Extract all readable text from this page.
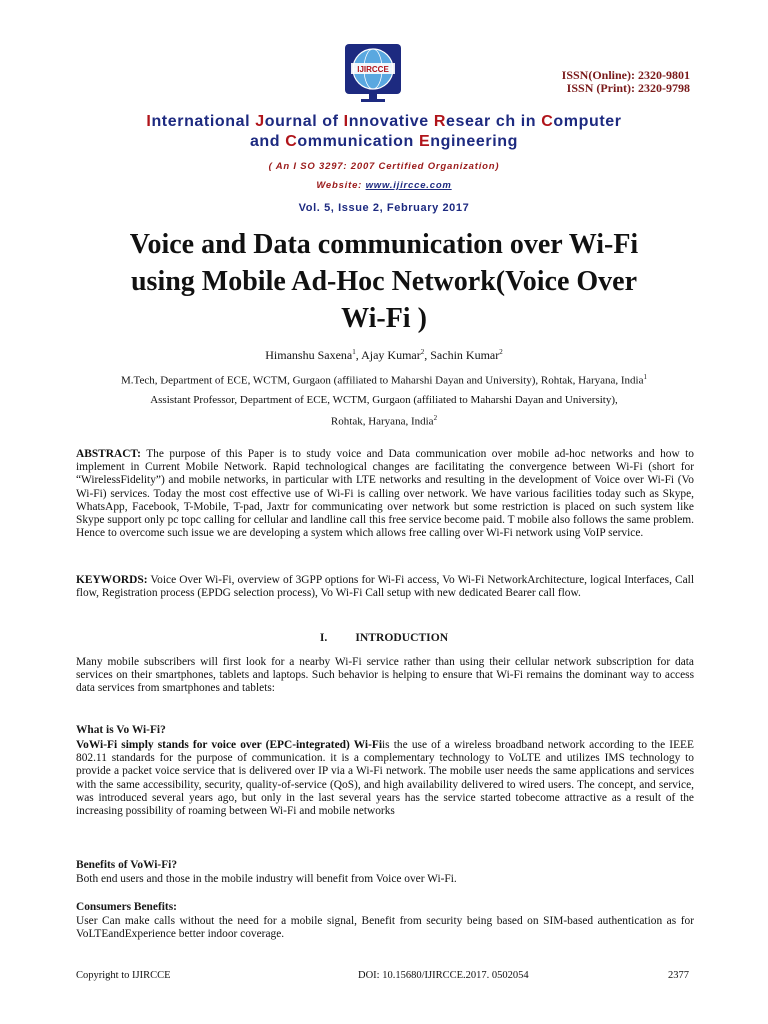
IJIRCCE	ISSN(Online): 2320-9801
ISSN (Print): 2320-9798
International Journal of Innovative Resear ch in Computer
and Communication Engineering
( An I SO 3297: 2007 Certified Organization)
Website: www.ijircce.com
Vol. 5, Issue 2, February 2017
Voice and Data communication over Wi-Fi
using Mobile Ad-Hoc Network(Voice Over
Wi-Fi )
Himanshu Saxena$^1$, Ajay Kumar$^2$, Sachin Kumar$^2$
M.Tech, Department of ECE, WCTM, Gurgaon (affiliated to Maharshi Dayan and University), Rohtak, Haryana, India$^1$
Assistant Professor, Department of ECE, WCTM, Gurgaon (affiliated to Maharshi Dayan and University),
Rohtak, Haryana, India$^2$
ABSTRACT: The purpose of this Paper is to study voice and Data communication over mobile ad-hoc networks and how to implement in Current Mobile Network. Rapid technological changes are facilitating the convergence between Wi-Fi (short for “WirelessFidelity”) and mobile networks, in particular with LTE networks and resulting in the development of Voice over Wi-Fi (Vo Wi-Fi) services. Today the most cost effective use of Wi-Fi is calling over network. We have various facilities today such as Skype, WhatsApp, Facebook, T-Mobile, T-pad, Jaxtr for communicating over network but some restriction is placed on such system like Skype support only pc topc calling for cellular and landline call this free service become paid. T mobile also follows the same problem. Hence to overcome such issue we are developing a system which allows free calling over Wi-Fi network using VoIP service.
KEYWORDS: Voice Over Wi-Fi, overview of 3GPP options for Wi-Fi access, Vo Wi-Fi NetworkArchitecture, logical Interfaces, Call flow, Registration process (EPDG selection process), Vo Wi-Fi Call setup with new dedicated Bearer call flow.
I. INTRODUCTION
Many mobile subscribers will first look for a nearby Wi-Fi service rather than using their cellular network subscription for data services on their smartphones, tablets and laptops. Such behavior is helping to ensure that Wi-Fi remains the dominant way to access data services from smartphones and tablets:
What is Vo Wi-Fi?
VoWi-Fi simply stands for voice over (EPC-integrated) Wi-Fiis the use of a wireless broadband network according to the IEEE 802.11 standards for the purpose of communication. it is a complementary technology to VoLTE and utilizes IMS technology to provide a packet voice service that is delivered over IP via a Wi-Fi network. The mobile user needs the same applications and services with the same accessibility, security, quality-of-service (QoS), and high availability delivered to wired users. The concept, and service, was introduced several years ago, but only in the last several years has the service started tobecome attractive as a result of the increasing possibility of roaming between Wi-Fi and mobile networks
Benefits of VoWi-Fi?
Both end users and those in the mobile industry will benefit from Voice over Wi-Fi.
Consumers Benefits:
User Can make calls without the need for a mobile signal, Benefit from security being based on SIM-based authentication as for VoLTEandExperience better indoor coverage.
Copyright to IJIRCCE	DOI: 10.15680/IJIRCCE.2017. 0502054	2377
